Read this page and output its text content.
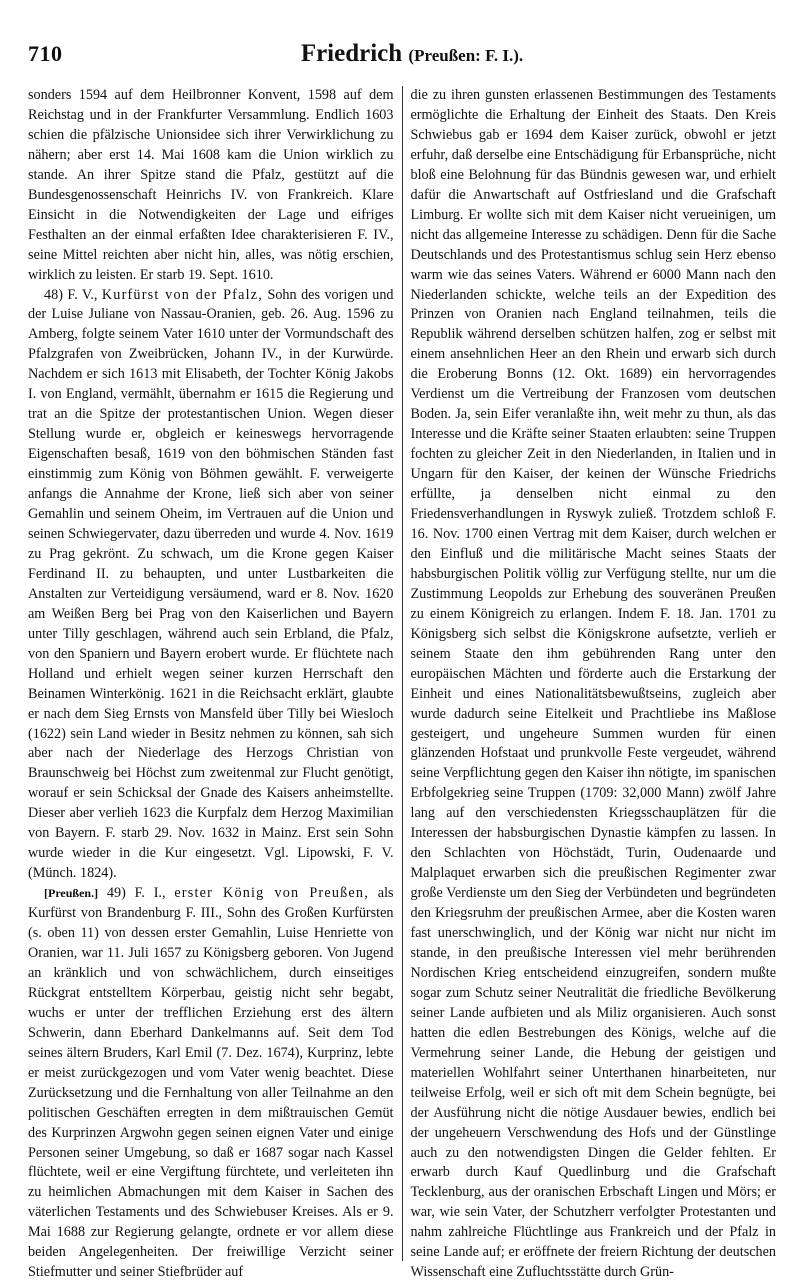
710	Friedrich (Preußen: F. I.).

sonders 1594 auf dem Heilbronner Konvent, 1598 auf dem Reichstag und in der Frankfurter Versammlung. Endlich 1603 schien die pfälzische Unionsidee sich ihrer Verwirklichung zu nähern; aber erst 14. Mai 1608 kam die Union wirklich zu stande. An ihrer Spitze stand die Pfalz, gestützt auf die Bundesgenossenschaft Heinrichs IV. von Frankreich. Klare Einsicht in die Notwendigkeiten der Lage und eifriges Festhalten an der einmal erfaßten Idee charakterisieren F. IV., seine Mittel reichten aber nicht hin, alles, was nötig erschien, wirklich zu leisten. Er starb 19. Sept. 1610.

48) F. V., Kurfürst von der Pfalz, Sohn des vorigen und der Luise Juliane von Nassau-Oranien, geb. 26. Aug. 1596 zu Amberg, folgte seinem Vater 1610 unter der Vormundschaft des Pfalzgrafen von Zweibrücken, Johann IV., in der Kurwürde. Nachdem er sich 1613 mit Elisabeth, der Tochter König Jakobs I. von England, vermählt, übernahm er 1615 die Regierung und trat an die Spitze der protestantischen Union. Wegen dieser Stellung wurde er, obgleich er keineswegs hervorragende Eigenschaften besaß, 1619 von den böhmischen Ständen fast einstimmig zum König von Böhmen gewählt. F. verweigerte anfangs die Annahme der Krone, ließ sich aber von seiner Gemahlin und seinem Oheim, im Vertrauen auf die Union und seinen Schwiegervater, dazu überreden und wurde 4. Nov. 1619 zu Prag gekrönt. Zu schwach, um die Krone gegen Kaiser Ferdinand II. zu behaupten, und unter Lustbarkeiten die Anstalten zur Verteidigung versäumend, ward er 8. Nov. 1620 am Weißen Berg bei Prag von den Kaiserlichen und Bayern unter Tilly geschlagen, während auch sein Erbland, die Pfalz, von den Spaniern und Bayern erobert wurde. Er flüchtete nach Holland und erhielt wegen seiner kurzen Herrschaft den Beinamen Winterkönig. 1621 in die Reichsacht erklärt, glaubte er nach dem Sieg Ernsts von Mansfeld über Tilly bei Wiesloch (1622) sein Land wieder in Besitz nehmen zu können, sah sich aber nach der Niederlage des Herzogs Christian von Braunschweig bei Höchst zum zweitenmal zur Flucht genötigt, worauf er sein Schicksal der Gnade des Kaisers anheimstellte. Dieser aber verlieh 1623 die Kurpfalz dem Herzog Maximilian von Bayern. F. starb 29. Nov. 1632 in Mainz. Erst sein Sohn wurde wieder in die Kur eingesetzt. Vgl. Lipowski, F. V. (Münch. 1824).

[Preußen.] 49) F. I., erster König von Preußen, als Kurfürst von Brandenburg F. III., Sohn des Großen Kurfürsten (s. oben 11) von dessen erster Gemahlin, Luise Henriette von Oranien, war 11. Juli 1657 zu Königsberg geboren. Von Jugend an kränklich und von schwächlichem, durch einseitiges Rückgrat entstelltem Körperbau, geistig nicht sehr begabt, wuchs er unter der trefflichen Erziehung erst des ältern Schwerin, dann Eberhard Dankelmanns auf. Seit dem Tod seines ältern Bruders, Karl Emil (7. Dez. 1674), Kurprinz, lebte er meist zurückgezogen und vom Vater wenig beachtet. Diese Zurücksetzung und die Fernhaltung von aller Teilnahme an den politischen Geschäften erregten in dem mißtrauischen Gemüt des Kurprinzen Argwohn gegen seinen eignen Vater und einige Personen seiner Umgebung, so daß er 1687 sogar nach Kassel flüchtete, weil er eine Vergiftung fürchtete, und verleiteten ihn zu heimlichen Abmachungen mit dem Kaiser in Sachen des väterlichen Testaments und des Schwiebuser Kreises. Als er 9. Mai 1688 zur Regierung gelangte, ordnete er vor allem diese beiden Angelegenheiten. Der freiwillige Verzicht seiner Stiefmutter und seiner Stiefbrüder auf

die zu ihren gunsten erlassenen Bestimmungen des Testaments ermöglichte die Erhaltung der Einheit des Staats. Den Kreis Schwiebus gab er 1694 dem Kaiser zurück, obwohl er jetzt erfuhr, daß derselbe eine Entschädigung für Erbansprüche, nicht bloß eine Belohnung für das Bündnis gewesen war, und erhielt dafür die Anwartschaft auf Ostfriesland und die Grafschaft Limburg. Er wollte sich mit dem Kaiser nicht verueinigen, um nicht das allgemeine Interesse zu schädigen. Denn für die Sache Deutschlands und des Protestantismus schlug sein Herz ebenso warm wie das seines Vaters. Während er 6000 Mann nach den Niederlanden schickte, welche teils an der Expedition des Prinzen von Oranien nach England teilnahmen, teils die Republik während derselben schützen halfen, zog er selbst mit einem ansehnlichen Heer an den Rhein und erwarb sich durch die Eroberung Bonns (12. Okt. 1689) ein hervorragendes Verdienst um die Vertreibung der Franzosen vom deutschen Boden. Ja, sein Eifer veranlaßte ihn, weit mehr zu thun, als das Interesse und die Kräfte seiner Staaten erlaubten: seine Truppen fochten zu gleicher Zeit in den Niederlanden, in Italien und in Ungarn für den Kaiser, der keinen der Wünsche Friedrichs erfüllte, ja denselben nicht einmal zu den Friedensverhandlungen in Ryswyk zuließ. Trotzdem schloß F. 16. Nov. 1700 einen Vertrag mit dem Kaiser, durch welchen er den Einfluß und die militärische Macht seines Staats der habsburgischen Politik völlig zur Verfügung stellte, nur um die Zustimmung Leopolds zur Erhebung des souveränen Preußen zu einem Königreich zu erlangen. Indem F. 18. Jan. 1701 zu Königsberg sich selbst die Königskrone aufsetzte, verlieh er seinem Staate den ihm gebührenden Rang unter den europäischen Mächten und förderte auch die Erstarkung der Einheit und eines Nationalitätsbewußtseins, zugleich aber wurde dadurch seine Eitelkeit und Prachtliebe ins Maßlose gesteigert, und ungeheure Summen wurden für einen glänzenden Hofstaat und prunkvolle Feste vergeudet, während seine Verpflichtung gegen den Kaiser ihn nötigte, im spanischen Erbfolgekrieg seine Truppen (1709: 32,000 Mann) zwölf Jahre lang auf den verschiedensten Kriegsschauplätzen für die Interessen der habsburgischen Dynastie kämpfen zu lassen. In den Schlachten von Höchstädt, Turin, Oudenaarde und Malplaquet erwarben sich die preußischen Regimenter zwar große Verdienste um den Sieg der Verbündeten und begründeten den Kriegsruhm der preußischen Armee, aber die Kosten waren fast unerschwinglich, und der König war nicht nur nicht im stande, in den preußische Interessen viel mehr berührenden Nordischen Krieg entscheidend einzugreifen, sondern mußte sogar zum Schutz seiner Neutralität die friedliche Bevölkerung seiner Lande aufbieten und als Miliz organisieren. Auch sonst hatten die edlen Bestrebungen des Königs, welche auf die Vermehrung seiner Lande, die Hebung der geistigen und materiellen Wohlfahrt seiner Unterthanen hinarbeiteten, nur teilweise Erfolg, weil er sich oft mit dem Schein begnügte, bei der Ausführung nicht die nötige Ausdauer bewies, endlich bei der ungeheuern Verschwendung des Hofs und der Günstlinge auch zu den notwendigsten Dingen die Gelder fehlten. Er erwarb durch Kauf Quedlinburg und die Grafschaft Tecklenburg, aus der oranischen Erbschaft Lingen und Mörs; er war, wie sein Vater, der Schutzherr verfolgter Protestanten und nahm zahlreiche Flüchtlinge aus Frankreich und der Pfalz in seine Lande auf; er eröffnete der freiern Richtung der deutschen Wissenschaft eine Zufluchtsstätte durch Grün-
